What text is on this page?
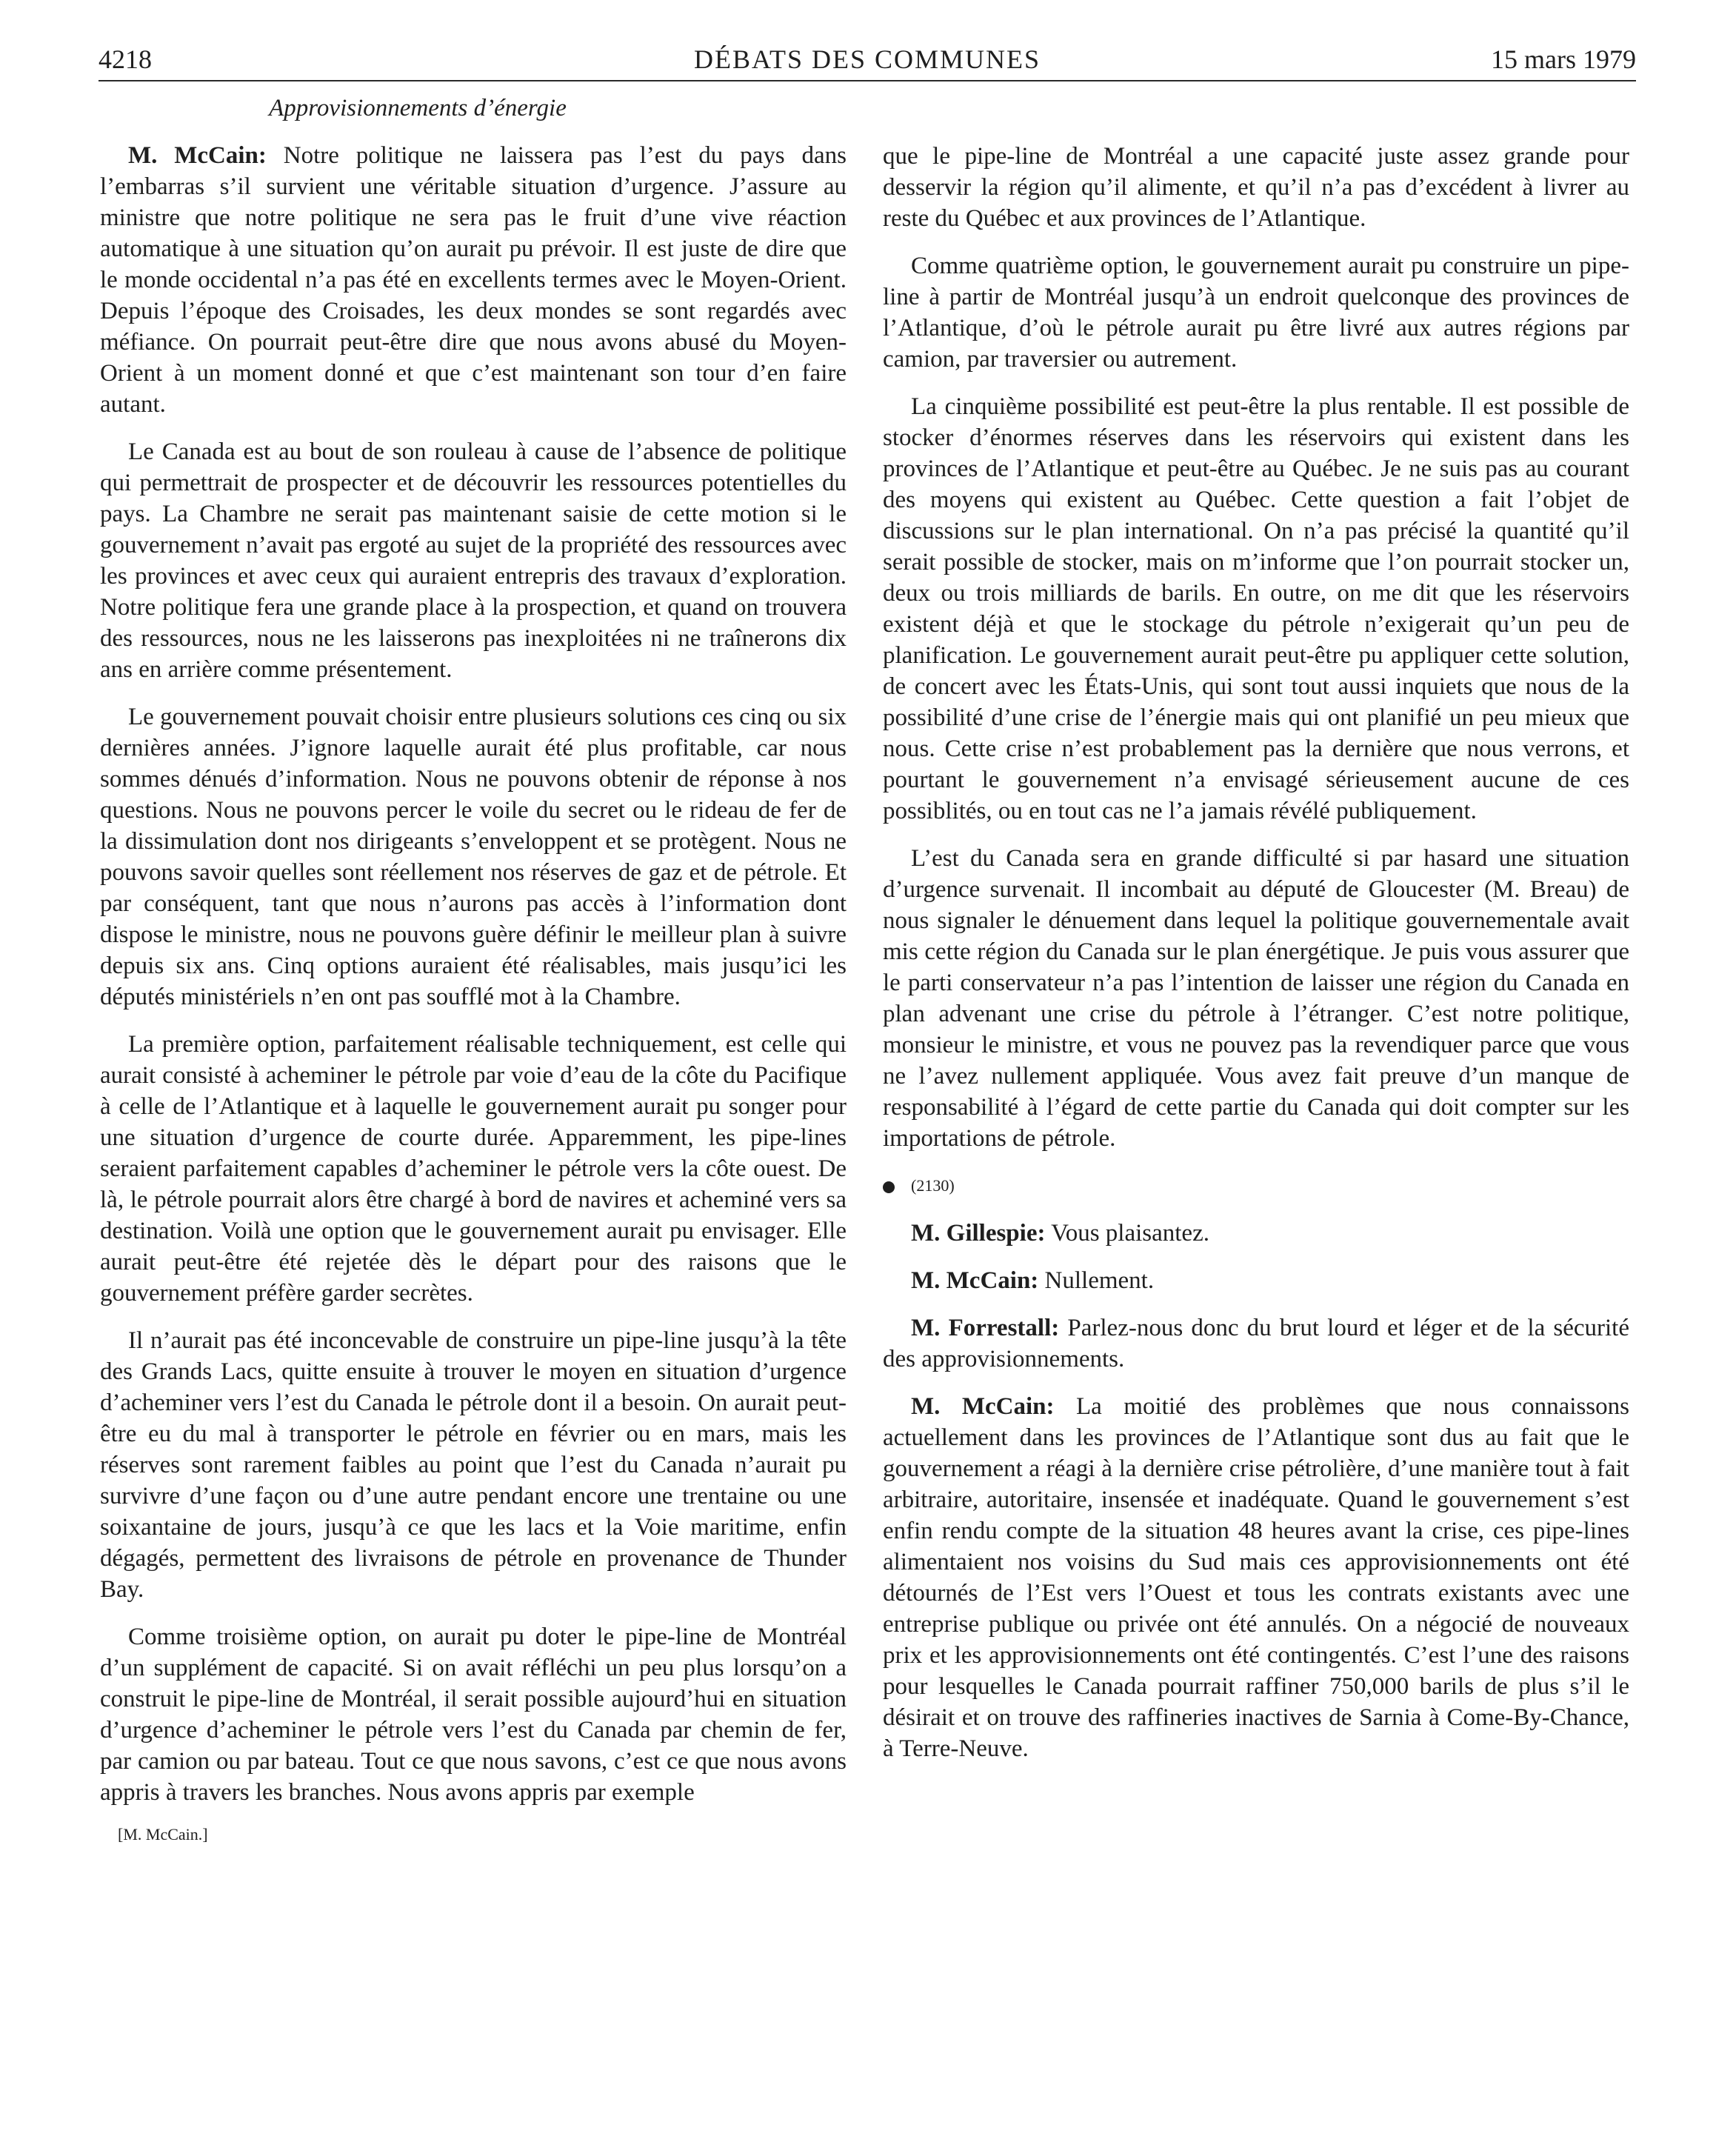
4218	DÉBATS DES COMMUNES	15 mars 1979

Approvisionnements d’énergie

M. McCain: Notre politique ne laissera pas l’est du pays dans l’embarras s’il survient une véritable situation d’urgence. J’assure au ministre que notre politique ne sera pas le fruit d’une vive réaction automatique à une situation qu’on aurait pu prévoir. Il est juste de dire que le monde occidental n’a pas été en excellents termes avec le Moyen-Orient. Depuis l’époque des Croisades, les deux mondes se sont regardés avec méfiance. On pourrait peut-être dire que nous avons abusé du Moyen-Orient à un moment donné et que c’est maintenant son tour d’en faire autant.

Le Canada est au bout de son rouleau à cause de l’absence de politique qui permettrait de prospecter et de découvrir les ressources potentielles du pays. La Chambre ne serait pas maintenant saisie de cette motion si le gouvernement n’avait pas ergoté au sujet de la propriété des ressources avec les provinces et avec ceux qui auraient entrepris des travaux d’exploration. Notre politique fera une grande place à la prospection, et quand on trouvera des ressources, nous ne les laisserons pas inexploitées ni ne traînerons dix ans en arrière comme présentement.

Le gouvernement pouvait choisir entre plusieurs solutions ces cinq ou six dernières années. J’ignore laquelle aurait été plus profitable, car nous sommes dénués d’information. Nous ne pouvons obtenir de réponse à nos questions. Nous ne pouvons percer le voile du secret ou le rideau de fer de la dissimulation dont nos dirigeants s’enveloppent et se protègent. Nous ne pouvons savoir quelles sont réellement nos réserves de gaz et de pétrole. Et par conséquent, tant que nous n’aurons pas accès à l’information dont dispose le ministre, nous ne pouvons guère définir le meilleur plan à suivre depuis six ans. Cinq options auraient été réalisables, mais jusqu’ici les députés ministériels n’en ont pas soufflé mot à la Chambre.

La première option, parfaitement réalisable techniquement, est celle qui aurait consisté à acheminer le pétrole par voie d’eau de la côte du Pacifique à celle de l’Atlantique et à laquelle le gouvernement aurait pu songer pour une situation d’urgence de courte durée. Apparemment, les pipe-lines seraient parfaitement capables d’acheminer le pétrole vers la côte ouest. De là, le pétrole pourrait alors être chargé à bord de navires et acheminé vers sa destination. Voilà une option que le gouvernement aurait pu envisager. Elle aurait peut-être été rejetée dès le départ pour des raisons que le gouvernement préfère garder secrètes.

Il n’aurait pas été inconcevable de construire un pipe-line jusqu’à la tête des Grands Lacs, quitte ensuite à trouver le moyen en situation d’urgence d’acheminer vers l’est du Canada le pétrole dont il a besoin. On aurait peut-être eu du mal à transporter le pétrole en février ou en mars, mais les réserves sont rarement faibles au point que l’est du Canada n’aurait pu survivre d’une façon ou d’une autre pendant encore une trentaine ou une soixantaine de jours, jusqu’à ce que les lacs et la Voie maritime, enfin dégagés, permettent des livraisons de pétrole en provenance de Thunder Bay.

Comme troisième option, on aurait pu doter le pipe-line de Montréal d’un supplément de capacité. Si on avait réfléchi un peu plus lorsqu’on a construit le pipe-line de Montréal, il serait possible aujourd’hui en situation d’urgence d’acheminer le pétrole vers l’est du Canada par chemin de fer, par camion ou par bateau. Tout ce que nous savons, c’est ce que nous avons appris à travers les branches. Nous avons appris par exemple

[M. McCain.]

que le pipe-line de Montréal a une capacité juste assez grande pour desservir la région qu’il alimente, et qu’il n’a pas d’excédent à livrer au reste du Québec et aux provinces de l’Atlantique.

Comme quatrième option, le gouvernement aurait pu construire un pipe-line à partir de Montréal jusqu’à un endroit quelconque des provinces de l’Atlantique, d’où le pétrole aurait pu être livré aux autres régions par camion, par traversier ou autrement.

La cinquième possibilité est peut-être la plus rentable. Il est possible de stocker d’énormes réserves dans les réservoirs qui existent dans les provinces de l’Atlantique et peut-être au Québec. Je ne suis pas au courant des moyens qui existent au Québec. Cette question a fait l’objet de discussions sur le plan international. On n’a pas précisé la quantité qu’il serait possible de stocker, mais on m’informe que l’on pourrait stocker un, deux ou trois milliards de barils. En outre, on me dit que les réservoirs existent déjà et que le stockage du pétrole n’exigerait qu’un peu de planification. Le gouvernement aurait peut-être pu appliquer cette solution, de concert avec les États-Unis, qui sont tout aussi inquiets que nous de la possibilité d’une crise de l’énergie mais qui ont planifié un peu mieux que nous. Cette crise n’est probablement pas la dernière que nous verrons, et pourtant le gouvernement n’a envisagé sérieusement aucune de ces possiblités, ou en tout cas ne l’a jamais révélé publiquement.

L’est du Canada sera en grande difficulté si par hasard une situation d’urgence survenait. Il incombait au député de Gloucester (M. Breau) de nous signaler le dénuement dans lequel la politique gouvernementale avait mis cette région du Canada sur le plan énergétique. Je puis vous assurer que le parti conservateur n’a pas l’intention de laisser une région du Canada en plan advenant une crise du pétrole à l’étranger. C’est notre politique, monsieur le ministre, et vous ne pouvez pas la revendiquer parce que vous ne l’avez nullement appliquée. Vous avez fait preuve d’un manque de responsabilité à l’égard de cette partie du Canada qui doit compter sur les importations de pétrole.

(2130)

M. Gillespie: Vous plaisantez.

M. McCain: Nullement.

M. Forrestall: Parlez-nous donc du brut lourd et léger et de la sécurité des approvisionnements.

M. McCain: La moitié des problèmes que nous connaissons actuellement dans les provinces de l’Atlantique sont dus au fait que le gouvernement a réagi à la dernière crise pétrolière, d’une manière tout à fait arbitraire, autoritaire, insensée et inadéquate. Quand le gouvernement s’est enfin rendu compte de la situation 48 heures avant la crise, ces pipe-lines alimentaient nos voisins du Sud mais ces approvisionnements ont été détournés de l’Est vers l’Ouest et tous les contrats existants avec une entreprise publique ou privée ont été annulés. On a négocié de nouveaux prix et les approvisionnements ont été contingentés. C’est l’une des raisons pour lesquelles le Canada pourrait raffiner 750,000 barils de plus s’il le désirait et on trouve des raffineries inactives de Sarnia à Come-By-Chance, à Terre-Neuve.
